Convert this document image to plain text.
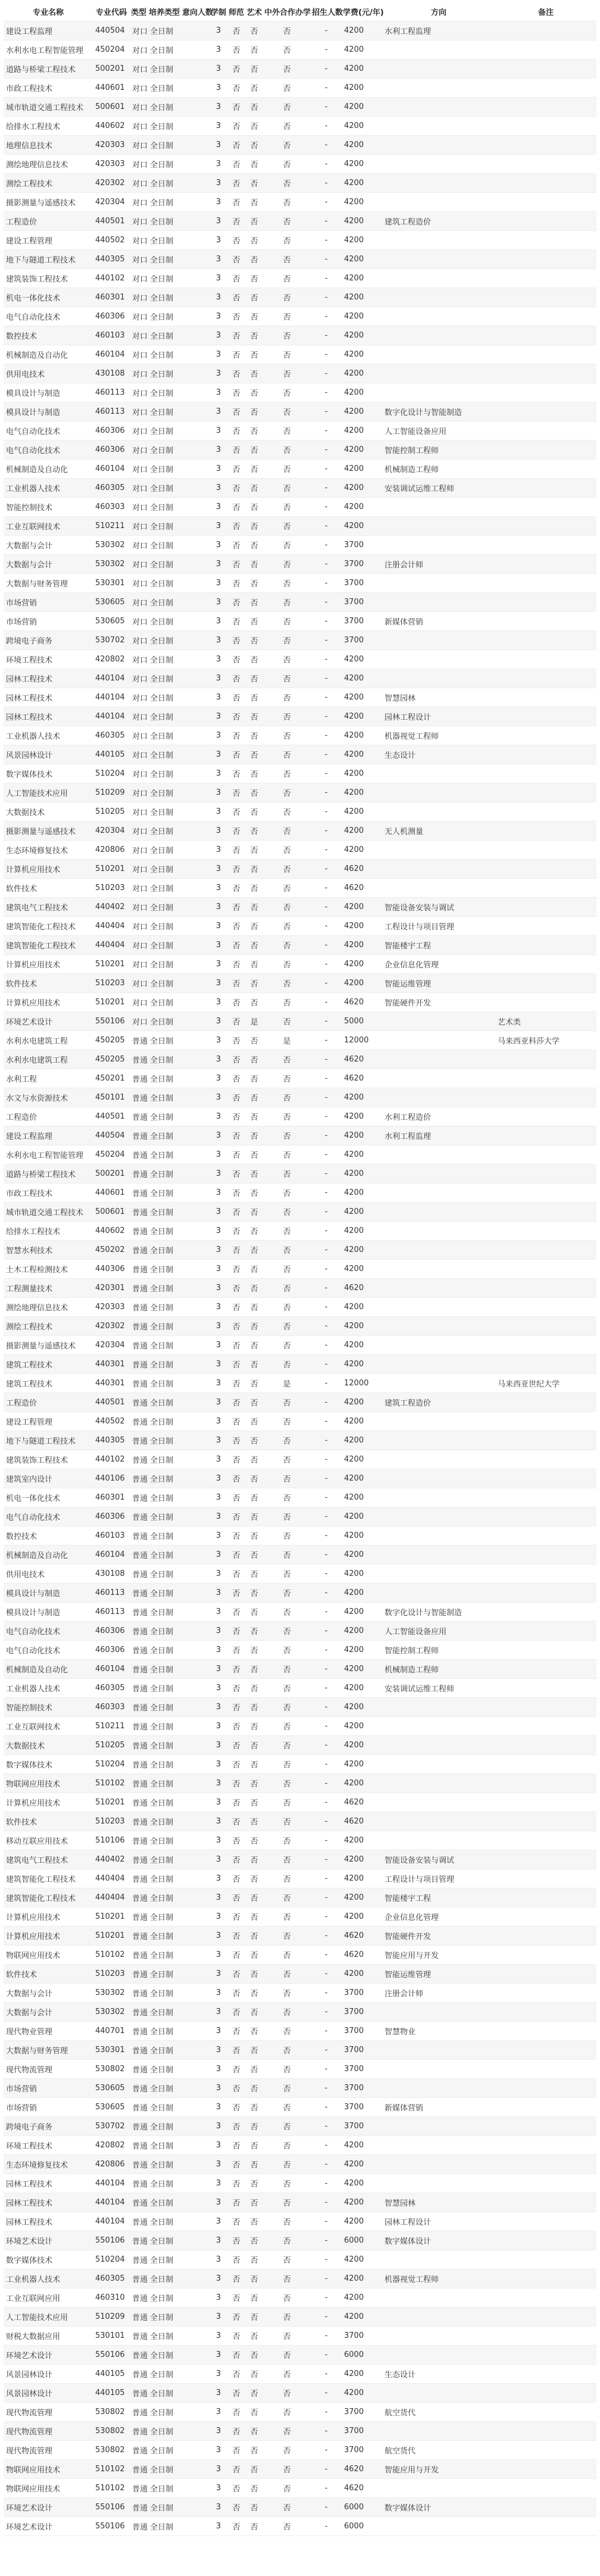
专业名称	专业代码	类型	培养类型	意向人数	学制	师范	艺术	中外合作办学	招生人数	学费(元/年)	方向	备注
建设工程监理	440504	对口	全日制		3	否	否	否	-	4200	水利工程监理	
水利水电工程智能管理	450204	对口	全日制		3	否	否	否	-	4200		
道路与桥梁工程技术	500201	对口	全日制		3	否	否	否	-	4200		
市政工程技术	440601	对口	全日制		3	否	否	否	-	4200		
城市轨道交通工程技术	500601	对口	全日制		3	否	否	否	-	4200		
给排水工程技术	440602	对口	全日制		3	否	否	否	-	4200		
地理信息技术	420303	对口	全日制		3	否	否	否	-	4200		
测绘地理信息技术	420303	对口	全日制		3	否	否	否	-	4200		
测绘工程技术	420302	对口	全日制		3	否	否	否	-	4200		
摄影测量与遥感技术	420304	对口	全日制		3	否	否	否	-	4200		
工程造价	440501	对口	全日制		3	否	否	否	-	4200	建筑工程造价	
建设工程管理	440502	对口	全日制		3	否	否	否	-	4200		
地下与隧道工程技术	440305	对口	全日制		3	否	否	否	-	4200		
建筑装饰工程技术	440102	对口	全日制		3	否	否	否	-	4200		
机电一体化技术	460301	对口	全日制		3	否	否	否	-	4200		
电气自动化技术	460306	对口	全日制		3	否	否	否	-	4200		
数控技术	460103	对口	全日制		3	否	否	否	-	4200		
机械制造及自动化	460104	对口	全日制		3	否	否	否	-	4200		
供用电技术	430108	对口	全日制		3	否	否	否	-	4200		
模具设计与制造	460113	对口	全日制		3	否	否	否	-	4200		
模具设计与制造	460113	对口	全日制		3	否	否	否	-	4200	数字化设计与智能制造	
电气自动化技术	460306	对口	全日制		3	否	否	否	-	4200	人工智能设备应用	
电气自动化技术	460306	对口	全日制		3	否	否	否	-	4200	智能控制工程师	
机械制造及自动化	460104	对口	全日制		3	否	否	否	-	4200	机械制造工程师	
工业机器人技术	460305	对口	全日制		3	否	否	否	-	4200	安装调试运维工程师	
智能控制技术	460303	对口	全日制		3	否	否	否	-	4200		
工业互联网技术	510211	对口	全日制		3	否	否	否	-	4200		
大数据与会计	530302	对口	全日制		3	否	否	否	-	3700		
大数据与会计	530302	对口	全日制		3	否	否	否	-	3700	注册会计师	
大数据与财务管理	530301	对口	全日制		3	否	否	否	-	3700		
市场营销	530605	对口	全日制		3	否	否	否	-	3700		
市场营销	530605	对口	全日制		3	否	否	否	-	3700	新媒体营销	
跨境电子商务	530702	对口	全日制		3	否	否	否	-	3700		
环境工程技术	420802	对口	全日制		3	否	否	否	-	4200		
园林工程技术	440104	对口	全日制		3	否	否	否	-	4200		
园林工程技术	440104	对口	全日制		3	否	否	否	-	4200	智慧园林	
园林工程技术	440104	对口	全日制		3	否	否	否	-	4200	园林工程设计	
工业机器人技术	460305	对口	全日制		3	否	否	否	-	4200	机器视觉工程师	
风景园林设计	440105	对口	全日制		3	否	否	否	-	4200	生态设计	
数字媒体技术	510204	对口	全日制		3	否	否	否	-	4200		
人工智能技术应用	510209	对口	全日制		3	否	否	否	-	4200		
大数据技术	510205	对口	全日制		3	否	否	否	-	4200		
摄影测量与遥感技术	420304	对口	全日制		3	否	否	否	-	4200	无人机测量	
生态环境修复技术	420806	对口	全日制		3	否	否	否	-	4200		
计算机应用技术	510201	对口	全日制		3	否	否	否	-	4620		
软件技术	510203	对口	全日制		3	否	否	否	-	4620		
建筑电气工程技术	440402	对口	全日制		3	否	否	否	-	4200	智能设备安装与调试	
建筑智能化工程技术	440404	对口	全日制		3	否	否	否	-	4200	工程设计与项目管理	
建筑智能化工程技术	440404	对口	全日制		3	否	否	否	-	4200	智能楼宇工程	
计算机应用技术	510201	对口	全日制		3	否	否	否	-	4200	企业信息化管理	
软件技术	510203	对口	全日制		3	否	否	否	-	4200	智能运维管理	
计算机应用技术	510201	对口	全日制		3	否	否	否	-	4620	智能硬件开发	
环境艺术设计	550106	对口	全日制		3	否	是	否	-	5000		艺术类
水利水电建筑工程	450205	普通	全日制		3	否	否	是	-	12000		马来西亚科莎大学
水利水电建筑工程	450205	普通	全日制		3	否	否	否	-	4620		
水利工程	450201	普通	全日制		3	否	否	否	-	4620		
水文与水资源技术	450101	普通	全日制		3	否	否	否	-	4200		
工程造价	440501	普通	全日制		3	否	否	否	-	4200	水利工程造价	
建设工程监理	440504	普通	全日制		3	否	否	否	-	4200	水利工程监理	
水利水电工程智能管理	450204	普通	全日制		3	否	否	否	-	4200		
道路与桥梁工程技术	500201	普通	全日制		3	否	否	否	-	4200		
市政工程技术	440601	普通	全日制		3	否	否	否	-	4200		
城市轨道交通工程技术	500601	普通	全日制		3	否	否	否	-	4200		
给排水工程技术	440602	普通	全日制		3	否	否	否	-	4200		
智慧水利技术	450202	普通	全日制		3	否	否	否	-	4200		
土木工程检测技术	440306	普通	全日制		3	否	否	否	-	4200		
工程测量技术	420301	普通	全日制		3	否	否	否	-	4620		
测绘地理信息技术	420303	普通	全日制		3	否	否	否	-	4200		
测绘工程技术	420302	普通	全日制		3	否	否	否	-	4200		
摄影测量与遥感技术	420304	普通	全日制		3	否	否	否	-	4200		
建筑工程技术	440301	普通	全日制		3	否	否	否	-	4200		
建筑工程技术	440301	普通	全日制		3	否	否	是	-	12000		马来西亚世纪大学
工程造价	440501	普通	全日制		3	否	否	否	-	4200	建筑工程造价	
建设工程管理	440502	普通	全日制		3	否	否	否	-	4200		
地下与隧道工程技术	440305	普通	全日制		3	否	否	否	-	4200		
建筑装饰工程技术	440102	普通	全日制		3	否	否	否	-	4200		
建筑室内设计	440106	普通	全日制		3	否	否	否	-	4200		
机电一体化技术	460301	普通	全日制		3	否	否	否	-	4200		
电气自动化技术	460306	普通	全日制		3	否	否	否	-	4200		
数控技术	460103	普通	全日制		3	否	否	否	-	4200		
机械制造及自动化	460104	普通	全日制		3	否	否	否	-	4200		
供用电技术	430108	普通	全日制		3	否	否	否	-	4200		
模具设计与制造	460113	普通	全日制		3	否	否	否	-	4200		
模具设计与制造	460113	普通	全日制		3	否	否	否	-	4200	数字化设计与智能制造	
电气自动化技术	460306	普通	全日制		3	否	否	否	-	4200	人工智能设备应用	
电气自动化技术	460306	普通	全日制		3	否	否	否	-	4200	智能控制工程师	
机械制造及自动化	460104	普通	全日制		3	否	否	否	-	4200	机械制造工程师	
工业机器人技术	460305	普通	全日制		3	否	否	否	-	4200	安装调试运维工程师	
智能控制技术	460303	普通	全日制		3	否	否	否	-	4200		
工业互联网技术	510211	普通	全日制		3	否	否	否	-	4200		
大数据技术	510205	普通	全日制		3	否	否	否	-	4200		
数字媒体技术	510204	普通	全日制		3	否	否	否	-	4200		
物联网应用技术	510102	普通	全日制		3	否	否	否	-	4200		
计算机应用技术	510201	普通	全日制		3	否	否	否	-	4620		
软件技术	510203	普通	全日制		3	否	否	否	-	4620		
移动互联应用技术	510106	普通	全日制		3	否	否	否	-	4200		
建筑电气工程技术	440402	普通	全日制		3	否	否	否	-	4200	智能设备安装与调试	
建筑智能化工程技术	440404	普通	全日制		3	否	否	否	-	4200	工程设计与项目管理	
建筑智能化工程技术	440404	普通	全日制		3	否	否	否	-	4200	智能楼宇工程	
计算机应用技术	510201	普通	全日制		3	否	否	否	-	4200	企业信息化管理	
计算机应用技术	510201	普通	全日制		3	否	否	否	-	4620	智能硬件开发	
物联网应用技术	510102	普通	全日制		3	否	否	否	-	4620	智能应用与开发	
软件技术	510203	普通	全日制		3	否	否	否	-	4200	智能运维管理	
大数据与会计	530302	普通	全日制		3	否	否	否	-	3700	注册会计师	
大数据与会计	530302	普通	全日制		3	否	否	否	-	3700		
现代物业管理	440701	普通	全日制		3	否	否	否	-	3700	智慧物业	
大数据与财务管理	530301	普通	全日制		3	否	否	否	-	3700		
现代物流管理	530802	普通	全日制		3	否	否	否	-	3700		
市场营销	530605	普通	全日制		3	否	否	否	-	3700		
市场营销	530605	普通	全日制		3	否	否	否	-	3700	新媒体营销	
跨境电子商务	530702	普通	全日制		3	否	否	否	-	3700		
环境工程技术	420802	普通	全日制		3	否	否	否	-	4200		
生态环境修复技术	420806	普通	全日制		3	否	否	否	-	4200		
园林工程技术	440104	普通	全日制		3	否	否	否	-	4200		
园林工程技术	440104	普通	全日制		3	否	否	否	-	4200	智慧园林	
园林工程技术	440104	普通	全日制		3	否	否	否	-	4200	园林工程设计	
环境艺术设计	550106	普通	全日制		3	否	否	否	-	6000	数字媒体设计	
数字媒体技术	510204	普通	全日制		3	否	否	否	-	4200		
工业机器人技术	460305	普通	全日制		3	否	否	否	-	4200	机器视觉工程师	
工业互联网应用	460310	普通	全日制		3	否	否	否	-	4200		
人工智能技术应用	510209	普通	全日制		3	否	否	否	-	4200		
财税大数据应用	530101	普通	全日制		3	否	否	否	-	3700		
环境艺术设计	550106	普通	全日制		3	否	否	否	-	6000		
风景园林设计	440105	普通	全日制		3	否	否	否	-	4200	生态设计	
风景园林设计	440105	普通	全日制		3	否	否	否	-	4200		
现代物流管理	530802	普通	全日制		3	否	否	否	-	3700	航空货代	
现代物流管理	530802	普通	全日制		3	否	否	否	-	3700		
现代物流管理	530802	普通	全日制		3	否	否	否	-	3700	航空货代	
物联网应用技术	510102	普通	全日制		3	否	否	否	-	4620	智能应用与开发	
物联网应用技术	510102	普通	全日制		3	否	否	否	-	4620		
环境艺术设计	550106	普通	全日制		3	否	否	否	-	6000	数字媒体设计	
环境艺术设计	550106	普通	全日制		3	否	否	否	-	6000		
